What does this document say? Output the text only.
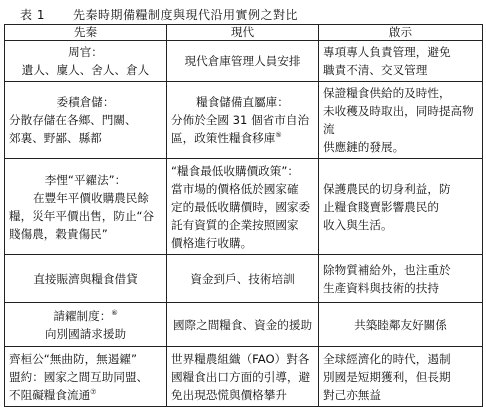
表 1 先秦時期備糧制度與現代沿用實例之對比
先秦	現代	啟示

周官：
遺人、廩人、舍人、倉人	現代倉庫管理人員安排	專項專人負責管理，避免
職責不清、交叉管理

委積倉儲：
分散存儲在各鄉、門關、
郊裏、野鄙、縣都	糧食儲備直屬庫：
分佈於全國 31 個省市自治
區，政策性糧食移庫⑤	保證糧食供給的及時性，
未收穫及時取出，同時提高物流
供應鏈的發展。

李悝“平糴法”：
在豐年平價收購農民餘
糧，災年平價出售，防止“谷
賤傷農，穀貴傷民”	“糧食最低收購價政策”：
當市場的價格低於國家確
定的最低收購價時，國家委
託有資質的企業按照國家
價格進行收購。	保護農民的切身利益，防
止糧食賤賣影響農民的
收入與生活。

直接賑濟與糧食借貸	資金到戶、技術培訓	除物質補給外，也注重於
生產資料與技術的扶持

請糴制度：⑥
向別國請求援助	國際之間糧食、資金的援助	共築睦鄰友好關係

齊桓公“無曲防，無遏糴”
盟約：國家之間互助同盟、
不阻礙糧食流通⑦	世界糧農組織（FAO）對各
國糧食出口方面的引導，避
免出現恐慌與價格攀升	全球經濟化的時代，遏制
別國是短期獲利，但長期
對己亦無益
